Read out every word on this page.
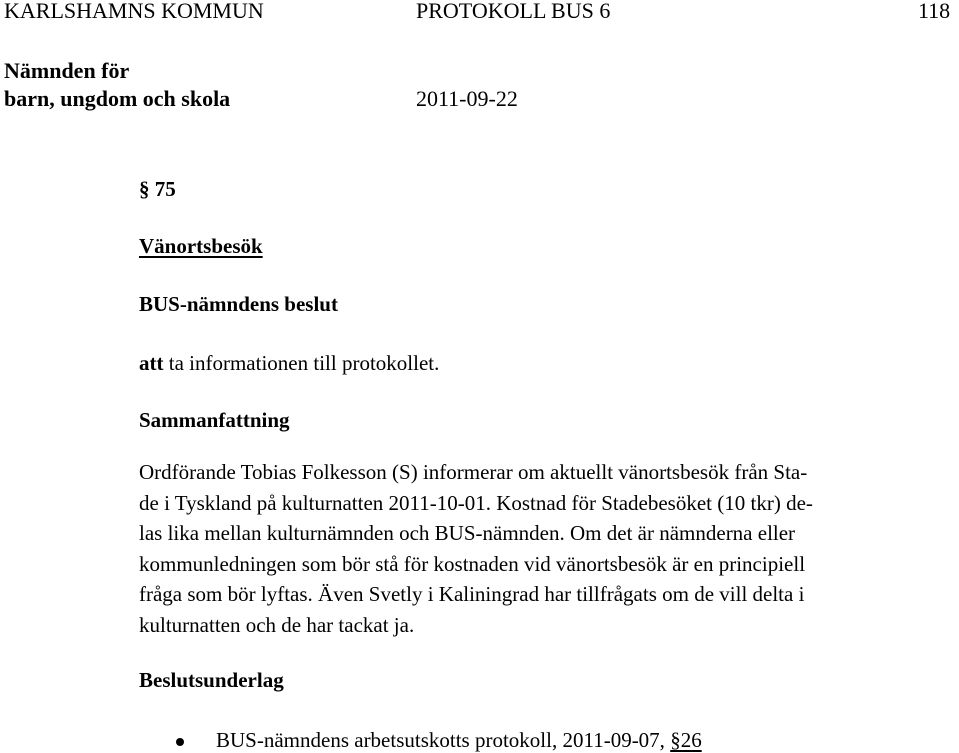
KARLSHAMNS KOMMUN	PROTOKOLL BUS 6	118
Nämnden för
barn, ungdom och skola	2011-09-22
§ 75
Vänortsbesök
BUS-nämndens beslut
att ta informationen till protokollet.
Sammanfattning
Ordförande Tobias Folkesson (S) informerar om aktuellt vänortsbesök från Sta-
de i Tyskland på kulturnatten 2011-10-01. Kostnad för Stadebesöket (10 tkr) de-
las lika mellan kulturnämnden och BUS-nämnden. Om det är nämnderna eller
kommunledningen som bör stå för kostnaden vid vänortsbesök är en principiell
fråga som bör lyftas. Även Svetly i Kaliningrad har tillfrågats om de vill delta i
kulturnatten och de har tackat ja.
Beslutsunderlag
BUS-nämndens arbetsutskotts protokoll, 2011-09-07, §26
